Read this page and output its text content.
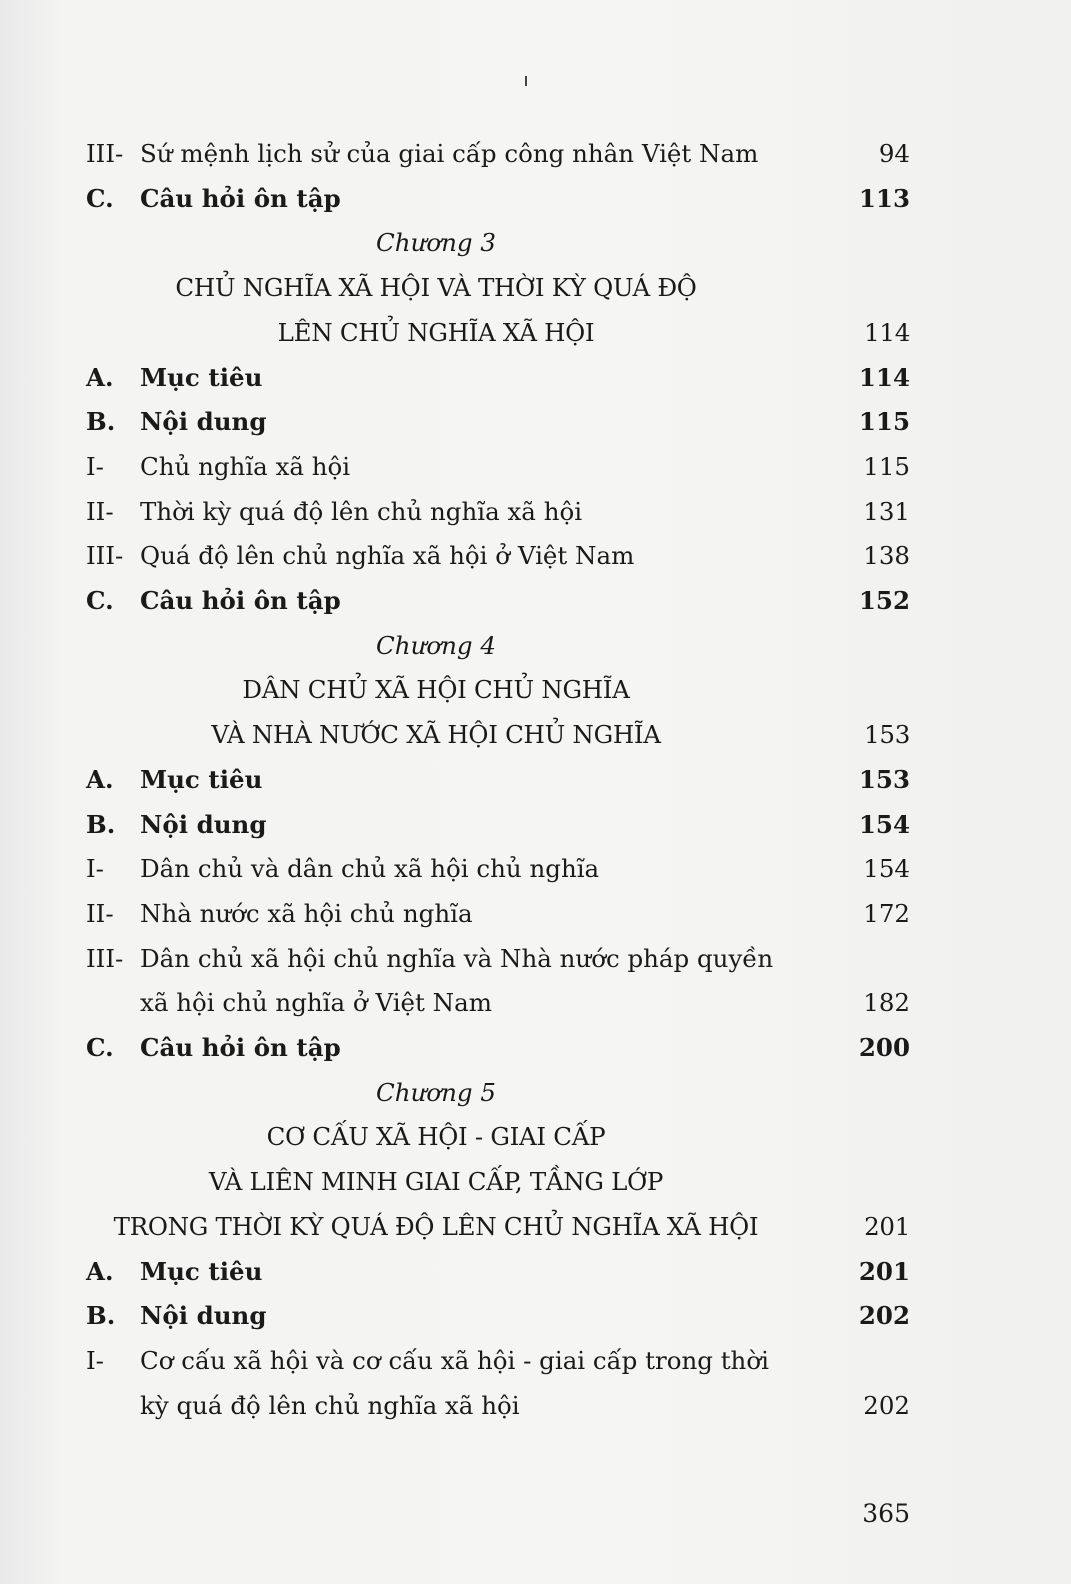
III- Sứ mệnh lịch sử của giai cấp công nhân Việt Nam	94
C. Câu hỏi ôn tập	113
Chương 3
CHỦ NGHĨA XÃ HỘI VÀ THỜI KỲ QUÁ ĐỘ
LÊN CHỦ NGHĨA XÃ HỘI	114
A. Mục tiêu	114
B. Nội dung	115
I- Chủ nghĩa xã hội	115
II- Thời kỳ quá độ lên chủ nghĩa xã hội	131
III- Quá độ lên chủ nghĩa xã hội ở Việt Nam	138
C. Câu hỏi ôn tập	152
Chương 4
DÂN CHỦ XÃ HỘI CHỦ NGHĨA
VÀ NHÀ NƯỚC XÃ HỘI CHỦ NGHĨA	153
A. Mục tiêu	153
B. Nội dung	154
I- Dân chủ và dân chủ xã hội chủ nghĩa	154
II- Nhà nước xã hội chủ nghĩa	172
III- Dân chủ xã hội chủ nghĩa và Nhà nước pháp quyền
xã hội chủ nghĩa ở Việt Nam	182
C. Câu hỏi ôn tập	200
Chương 5
CƠ CẤU XÃ HỘI - GIAI CẤP
VÀ LIÊN MINH GIAI CẤP, TẦNG LỚP
TRONG THỜI KỲ QUÁ ĐỘ LÊN CHỦ NGHĨA XÃ HỘI	201
A. Mục tiêu	201
B. Nội dung	202
I- Cơ cấu xã hội và cơ cấu xã hội - giai cấp trong thời
kỳ quá độ lên chủ nghĩa xã hội	202
365
